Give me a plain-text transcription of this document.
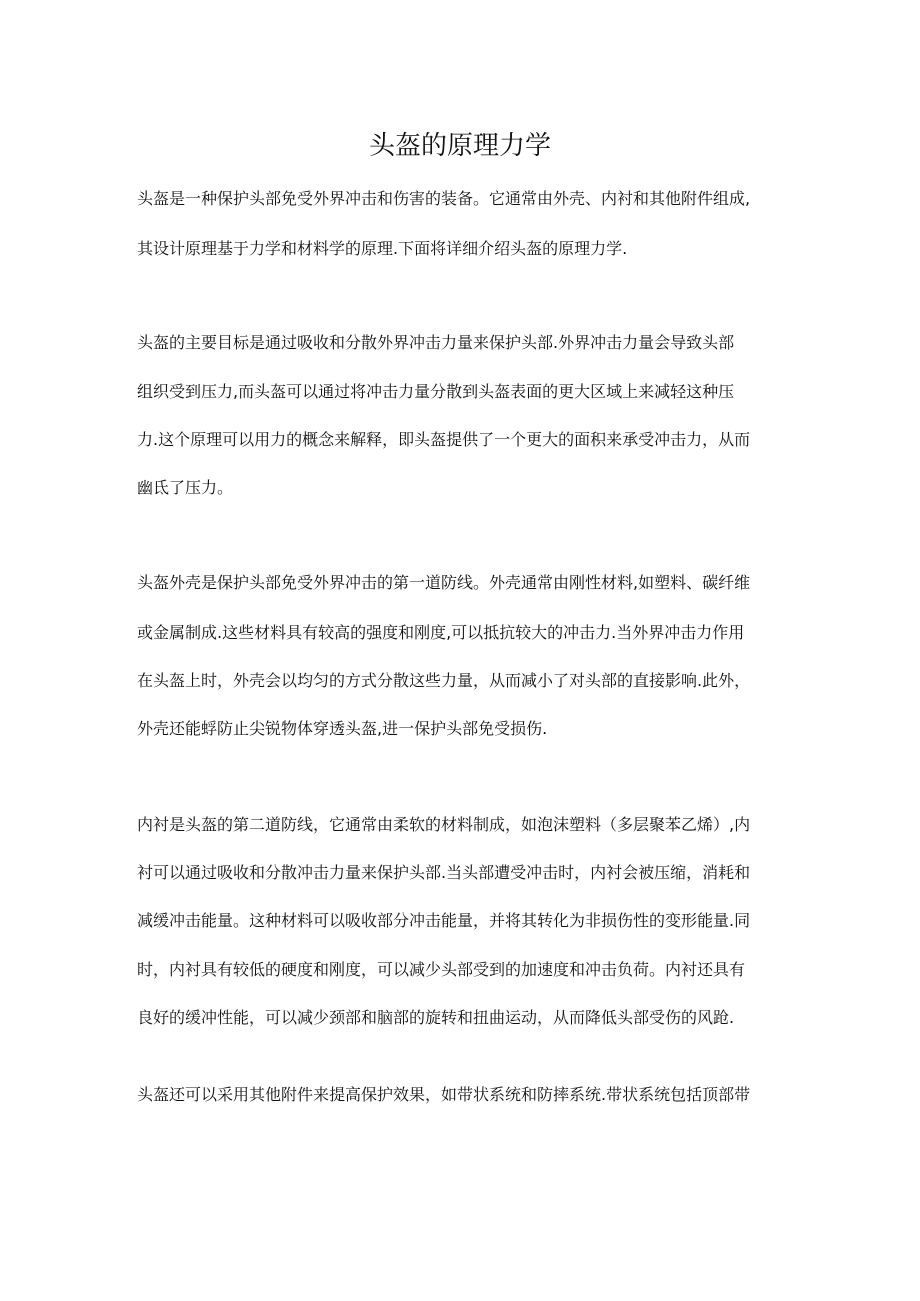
头盔的原理力学
头盔是一种保护头部免受外界冲击和伤害的装备。它通常由外壳、内衬和其他附件组成,
其设计原理基于力学和材料学的原理.下面将详细介绍头盔的原理力学.
头盔的主要目标是通过吸收和分散外界冲击力量来保护头部.外界冲击力量会导致头部
组织受到压力,而头盔可以通过将冲击力量分散到头盔表面的更大区域上来减轻这种压
力.这个原理可以用力的概念来解释，即头盔提供了一个更大的面积来承受冲击力，从而
幽氐了压力。
头盔外壳是保护头部免受外界冲击的第一道防线。外壳通常由刚性材料,如塑料、碳纤维
或金属制成.这些材料具有较高的强度和刚度,可以抵抗较大的冲击力.当外界冲击力作用
在头盔上时，外壳会以均匀的方式分散这些力量，从而减小了对头部的直接影响.此外，
外壳还能蜉防止尖锐物体穿透头盔,进一保护头部免受损伤.
内衬是头盔的第二道防线，它通常由柔软的材料制成，如泡沫塑料（多层聚苯乙烯）,内
衬可以通过吸收和分散冲击力量来保护头部.当头部遭受冲击时，内衬会被压缩，消耗和
减缓冲击能量。这种材料可以吸收部分冲击能量，并将其转化为非损伤性的变形能量.同
时，内衬具有较低的硬度和刚度，可以减少头部受到的加速度和冲击负荷。内衬还具有
良好的缓冲性能，可以减少颈部和脑部的旋转和扭曲运动，从而降低头部受伤的风跄.
头盔还可以采用其他附件来提高保护效果，如带状系统和防摔系统.带状系统包括顶部带
